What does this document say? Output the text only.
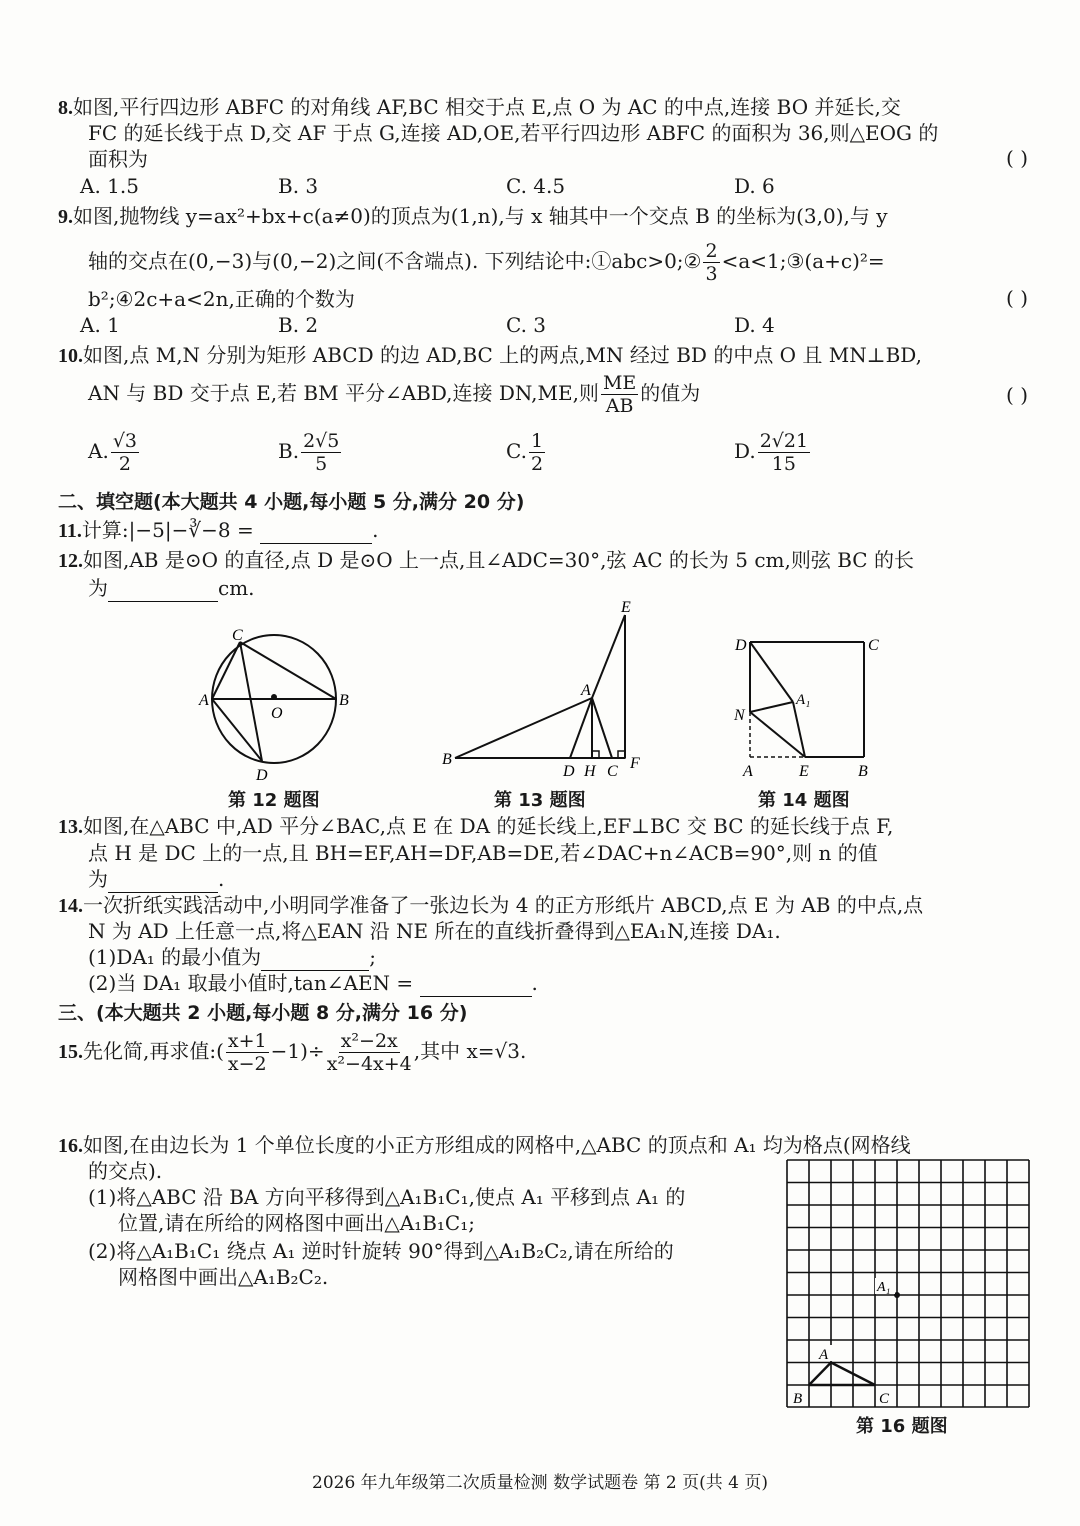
8.如图,平行四边形 ABFC 的对角线 AF,BC 相交于点 E,点 O 为 AC 的中点,连接 BO 并延长,交
FC 的延长线于点 D,交 AF 于点 G,连接 AD,OE,若平行四边形 ABFC 的面积为 36,则△EOG 的
面积为	( )
A. 1.5	B. 3	C. 4.5	D. 6
9.如图,抛物线 y=ax²+bx+c(a≠0)的顶点为(1,n),与 x 轴其中一个交点 B 的坐标为(3,0),与 y
轴的交点在(0,−3)与(0,−2)之间(不含端点). 下列结论中:①abc>0;② $\frac{2}{3}$ <a<1;③(a+c)²=
b²;④2c+a<2n,正确的个数为	( )
A. 1	B. 2	C. 3	D. 4
10.如图,点 M,N 分别为矩形 ABCD 的边 AD,BC 上的两点,MN 经过 BD 的中点 O 且 MN⊥BD,
AN 与 BD 交于点 E,若 BM 平分∠ABD,连接 DN,ME,则 $\frac{ME}{AB}$ 的值为	( )
A. $\frac{√3}{2}$	B. $\frac{2√5}{5}$	C. $\frac{1}{2}$	D. $\frac{2√21}{15}$
二、填空题(本大题共 4 小题,每小题 5 分,满分 20 分)
11.计算:|−5|−∛−8 =	.
12.如图,AB 是⊙O 的直径,点 D 是⊙O 上一点,且∠ADC=30°,弦 AC 的长为 5 cm,则弦 BC 的长
为	cm.
C
A
O
B
D
第 12 题图
E
A
B
D H C F
第 13 题图
D	C
A₁
N
A	E	B
第 14 题图
13.如图,在△ABC 中,AD 平分∠BAC,点 E 在 DA 的延长线上,EF⊥BC 交 BC 的延长线于点 F,
点 H 是 DC 上的一点,且 BH=EF,AH=DF,AB=DE,若∠DAC+n∠ACB=90°,则 n 的值
为	.
14.一次折纸实践活动中,小明同学准备了一张边长为 4 的正方形纸片 ABCD,点 E 为 AB 的中点,点
N 为 AD 上任意一点,将△EAN 沿 NE 所在的直线折叠得到△EA₁N,连接 DA₁.
(1)DA₁ 的最小值为	;
(2)当 DA₁ 取最小值时,tan∠AEN =	.
三、(本大题共 2 小题,每小题 8 分,满分 16 分)
15.先化简,再求值:( $\frac{x+1}{x-2} -1)\div \frac{\text{x²−2x}}{\text{x²−4x+4}}$ ,其中 x=√3.
16.如图,在由边长为 1 个单位长度的小正方形组成的网格中,△ABC 的顶点和 A₁ 均为格点(网格线
的交点).
(1)将△ABC 沿 BA 方向平移得到△A₁B₁C₁,使点 A₁ 平移到点 A₁ 的
位置,请在所给的网格图中画出△A₁B₁C₁;
(2)将△A₁B₁C₁ 绕点 A₁ 逆时针旋转 90°得到△A₁B₂C₂,请在所给的
网格图中画出△A₁B₂C₂.	A₁
A
B	C
第 16 题图
2026 年九年级第二次质量检测 数学试题卷 第 2 页(共 4 页)
